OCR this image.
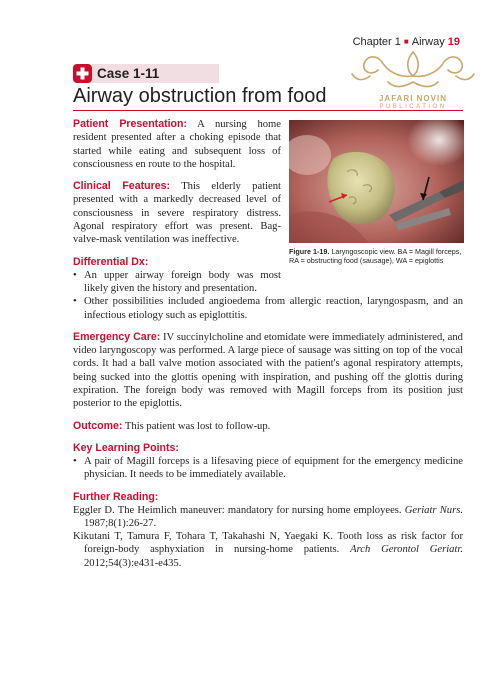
Chapter 1 ■ Airway 19
JAFARI NOVIN
PUBLICATION
Case 1-11
Airway obstruction from food
Figure 1-19. Laryngoscopic view. BA = Magill forceps, RA = obstructing food (sausage), WA = epiglottis

Patient Presentation: A nursing home resident presented after a choking episode that started while eating and subsequent loss of consciousness en route to the hospital.

Clinical Features: This elderly patient presented with a markedly decreased level of consciousness in severe respiratory distress. Agonal respiratory effort was present. Bag-valve-mask ventilation was ineffective.

Differential Dx:
• An upper airway foreign body was most likely given the history and presentation.
• Other possibilities included angioedema from allergic reaction, laryngospasm, and an infectious etiology such as epiglottitis.

Emergency Care: IV succinylcholine and etomidate were immediately administered, and video laryngoscopy was performed. A large piece of sausage was sitting on top of the vocal cords. It had a ball valve motion associated with the patient's agonal respiratory attempts, being sucked into the glottis opening with inspiration, and pushing off the glottis during expiration. The foreign body was removed with Magill forceps from its position just posterior to the epiglottis.

Outcome: This patient was lost to follow-up.

Key Learning Points:
• A pair of Magill forceps is a lifesaving piece of equipment for the emergency medicine physician. It needs to be immediately available.
Further Reading:

Eggler D. The Heimlich maneuver: mandatory for nursing home employees. Geriatr Nurs. 1987;8(1):26-27.

Kikutani T, Tamura F, Tohara T, Takahashi N, Yaegaki K. Tooth loss as risk factor for foreign-body asphyxiation in nursing-home patients. Arch Gerontol Geriatr. 2012;54(3):e431-e435.
